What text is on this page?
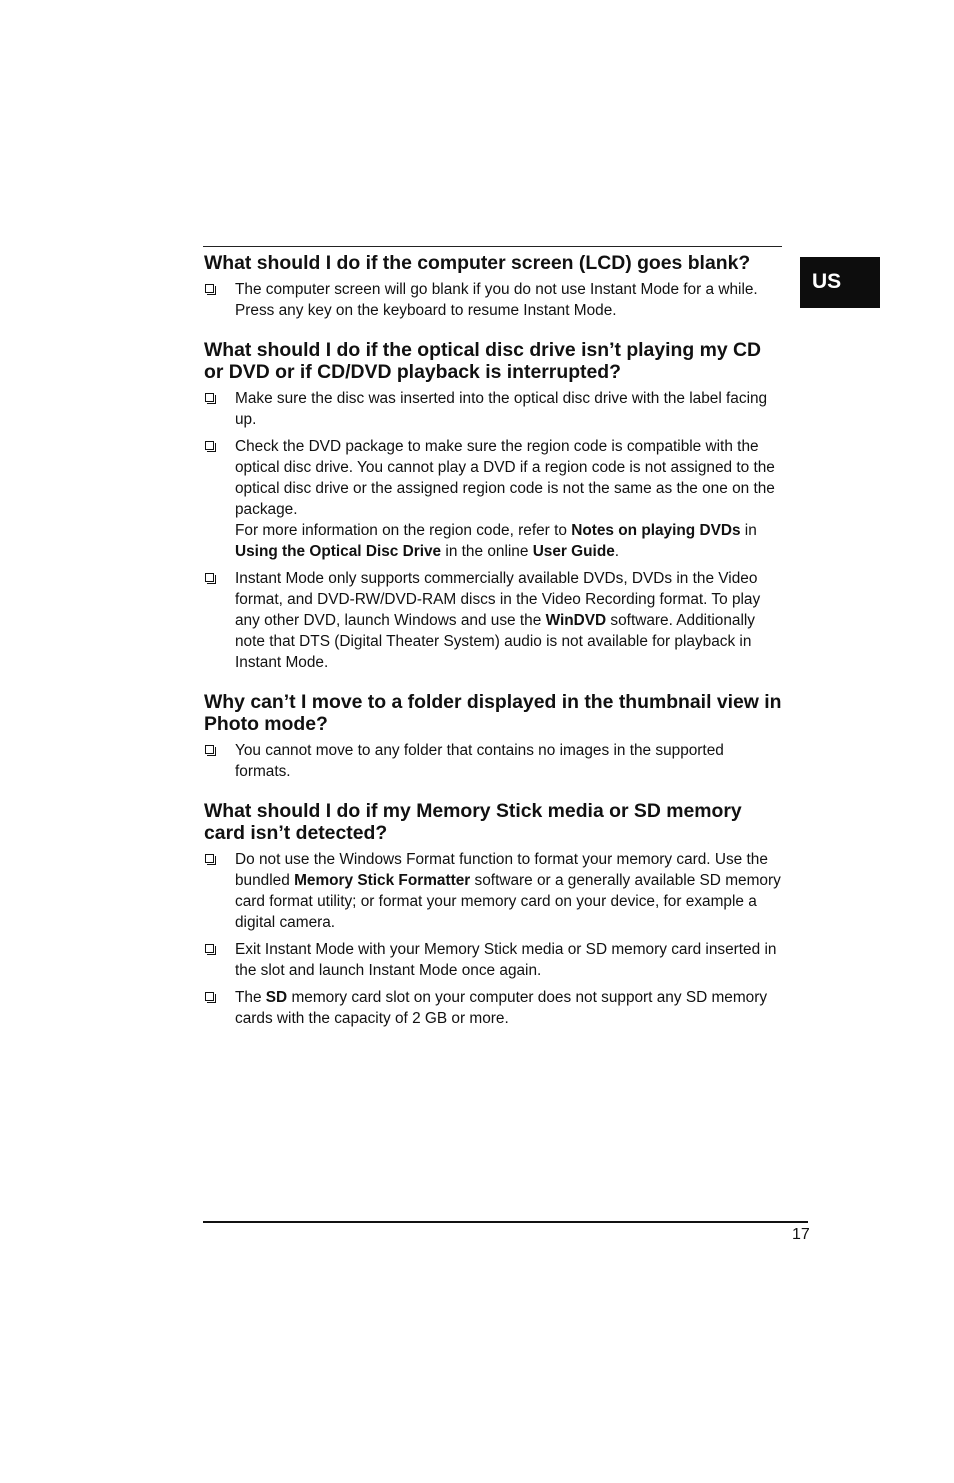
US
What should I do if the computer screen (LCD) goes blank?
The computer screen will go blank if you do not use Instant Mode for a while. Press any key on the keyboard to resume Instant Mode.
What should I do if the optical disc drive isn’t playing my CD or DVD or if CD/DVD playback is interrupted?
Make sure the disc was inserted into the optical disc drive with the label facing up.
Check the DVD package to make sure the region code is compatible with the optical disc drive. You cannot play a DVD if a region code is not assigned to the optical disc drive or the assigned region code is not the same as the one on the package.
For more information on the region code, refer to Notes on playing DVDs in Using the Optical Disc Drive in the online User Guide.
Instant Mode only supports commercially available DVDs, DVDs in the Video format, and DVD-RW/DVD-RAM discs in the Video Recording format. To play any other DVD, launch Windows and use the WinDVD software. Additionally note that DTS (Digital Theater System) audio is not available for playback in Instant Mode.
Why can’t I move to a folder displayed in the thumbnail view in Photo mode?
You cannot move to any folder that contains no images in the supported formats.
What should I do if my Memory Stick media or SD memory card isn’t detected?
Do not use the Windows Format function to format your memory card. Use the bundled Memory Stick Formatter software or a generally available SD memory card format utility; or format your memory card on your device, for example a digital camera.
Exit Instant Mode with your Memory Stick media or SD memory card inserted in the slot and launch Instant Mode once again.
The SD memory card slot on your computer does not support any SD memory cards with the capacity of 2 GB or more.
17
